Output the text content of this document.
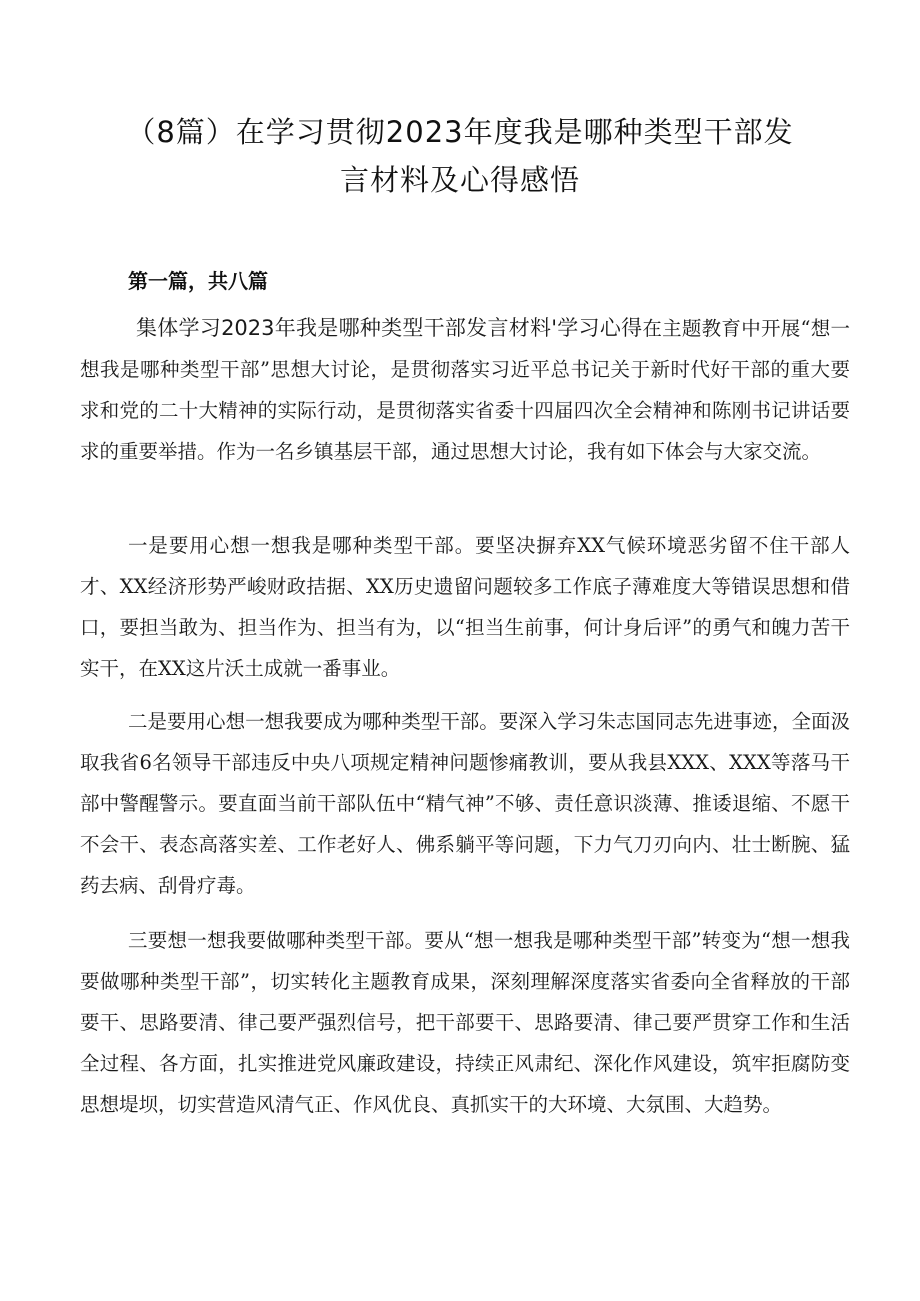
（8篇）在学习贯彻2023年度我是哪种类型干部发
言材料及心得感悟
第一篇，共八篇

集体学习2023年我是哪种类型干部发言材料'学习心得在主题教育中开展“想一想我是哪种类型干部”思想大讨论，是贯彻落实习近平总书记关于新时代好干部的重大要求和党的二十大精神的实际行动，是贯彻落实省委十四届四次全会精神和陈刚书记讲话要求的重要举措。作为一名乡镇基层干部，通过思想大讨论，我有如下体会与大家交流。

一是要用心想一想我是哪种类型干部。要坚决摒弃XX气候环境恶劣留不住干部人才、XX经济形势严峻财政拮据、XX历史遗留问题较多工作底子薄难度大等错误思想和借口，要担当敢为、担当作为、担当有为，以“担当生前事，何计身后评”的勇气和魄力苦干实干，在XX这片沃土成就一番事业。

二是要用心想一想我要成为哪种类型干部。要深入学习朱志国同志先进事迹，全面汲取我省6名领导干部违反中央八项规定精神问题惨痛教训，要从我县XXX、XXX等落马干部中警醒警示。要直面当前干部队伍中“精气神”不够、责任意识淡薄、推诿退缩、不愿干不会干、表态高落实差、工作老好人、佛系躺平等问题，下力气刀刃向内、壮士断腕、猛药去病、刮骨疗毒。

三要想一想我要做哪种类型干部。要从“想一想我是哪种类型干部”转变为“想一想我要做哪种类型干部”，切实转化主题教育成果，深刻理解深度落实省委向全省释放的干部要干、思路要清、律己要严强烈信号，把干部要干、思路要清、律己要严贯穿工作和生活全过程、各方面，扎实推进党风廉政建设，持续正风肃纪、深化作风建设，筑牢拒腐防变思想堤坝，切实营造风清气正、作风优良、真抓实干的大环境、大氛围、大趋势。
